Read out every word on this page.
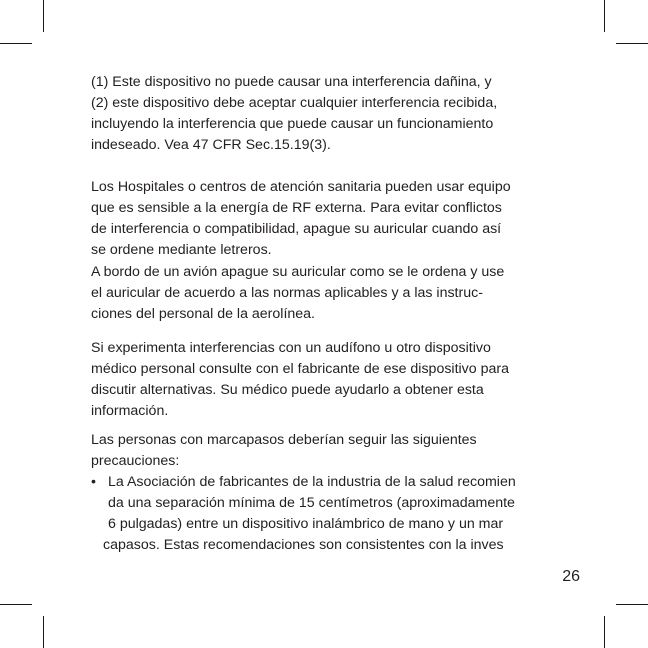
(1) Este dispositivo no puede causar una interferencia dañina, y
(2) este dispositivo debe aceptar cualquier interferencia recibida,
incluyendo la interferencia que puede causar un funcionamiento
indeseado. Vea 47 CFR Sec.15.19(3).

Los Hospitales o centros de atención sanitaria pueden usar equipo
que es sensible a la energía de RF externa. Para evitar conflictos
de interferencia o compatibilidad, apague su auricular cuando así
se ordene mediante letreros.

A bordo de un avión apague su auricular como se le ordena y use
el auricular de acuerdo a las normas aplicables y a las instruc-
ciones del personal de la aerolínea.

Si experimenta interferencias con un audífono u otro dispositivo
médico personal consulte con el fabricante de ese dispositivo para
discutir alternativas. Su médico puede ayudarlo a obtener esta
información.

Las personas con marcapasos deberían seguir las siguientes
precauciones:

• La Asociación de fabricantes de la industria de la salud recomien
da una separación mínima de 15 centímetros (aproximadamente
6 pulgadas) entre un dispositivo inalámbrico de mano y un mar
capasos. Estas recomendaciones son consistentes con la inves
26
